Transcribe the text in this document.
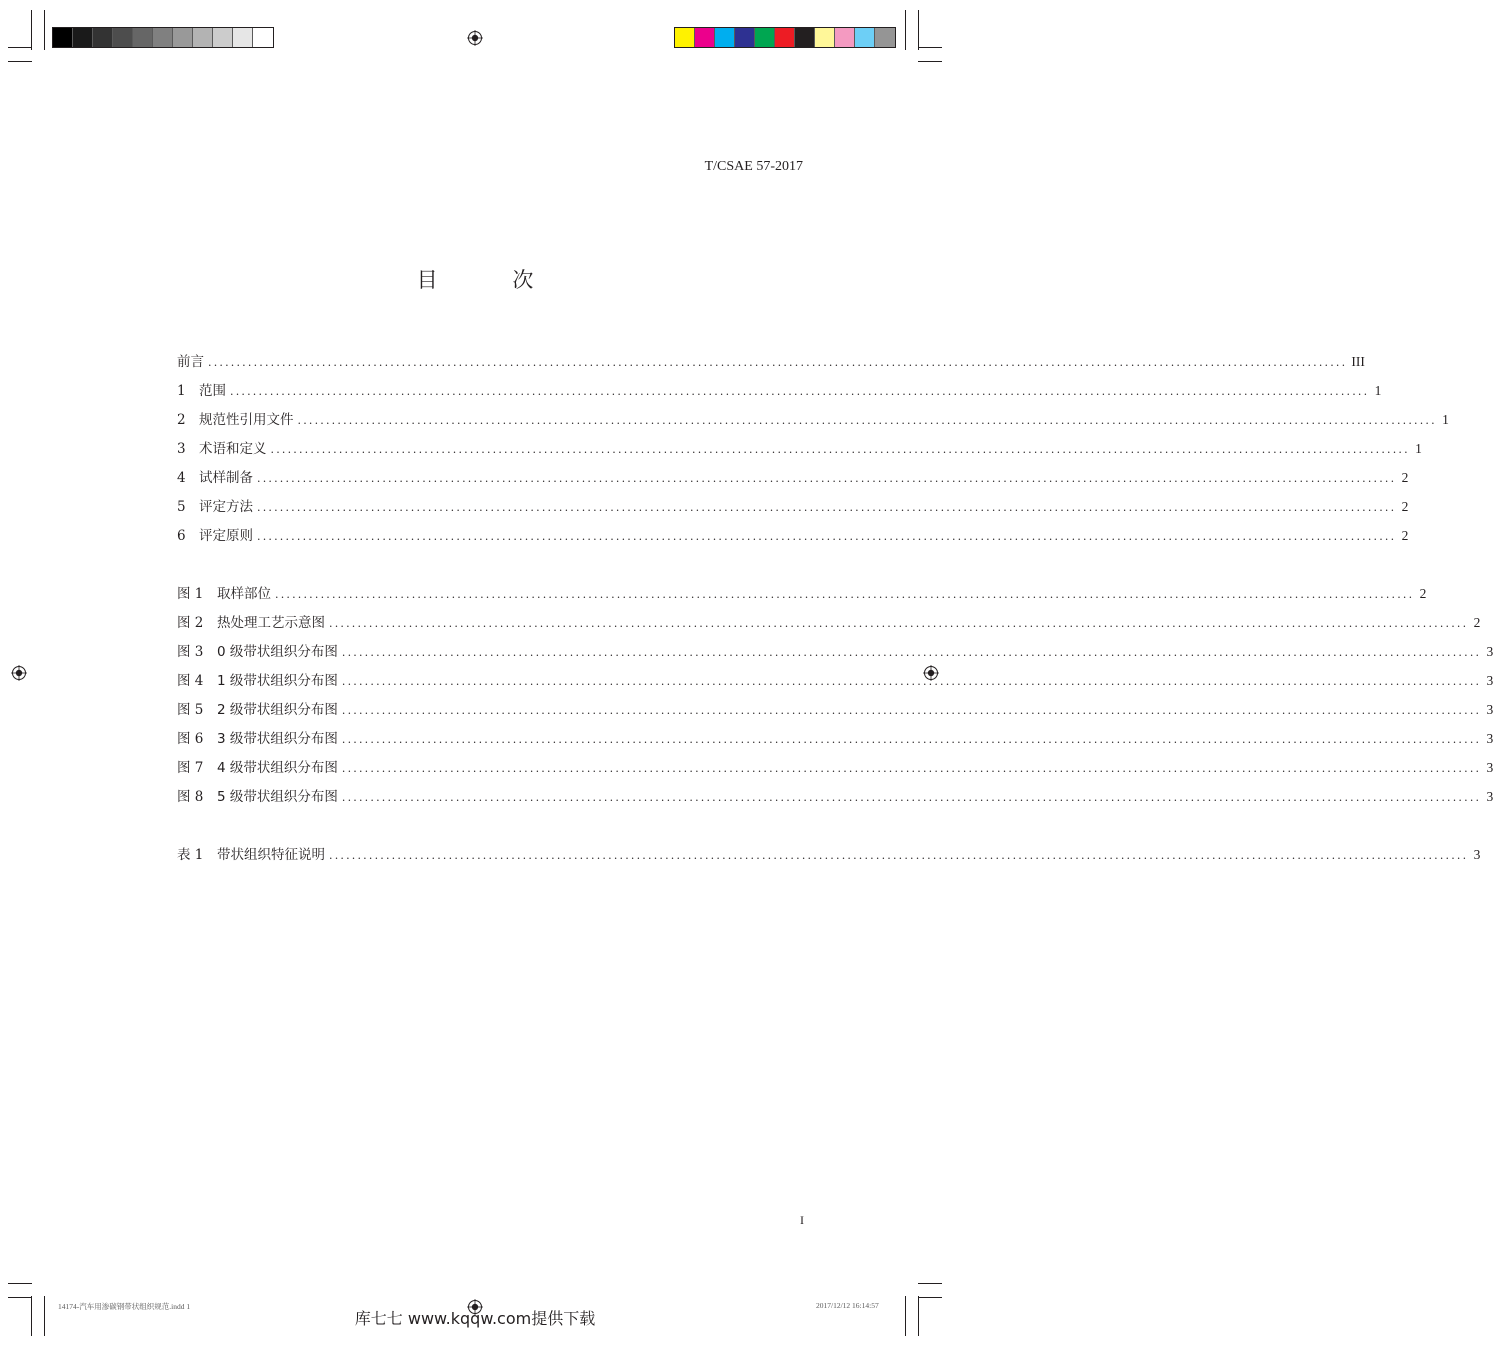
T/CSAE 57-2017
目 次
前言 ........................................................................................................................................................................................................ III
1 范围 ........................................................................................................................................................................................................ 1
2 规范性引用文件 ........................................................................................................................................................................................................ 1
3 术语和定义 ........................................................................................................................................................................................................ 1
4 试样制备 ........................................................................................................................................................................................................ 2
5 评定方法 ........................................................................................................................................................................................................ 2
6 评定原则 ........................................................................................................................................................................................................ 2
图 1	取样部位 ........................................................................................................................................................................................................ 2
图 2	热处理工艺示意图 ........................................................................................................................................................................................................ 2
图 3	0 级带状组织分布图 ........................................................................................................................................................................................................ 3
图 4	1 级带状组织分布图 ........................................................................................................................................................................................................ 3
图 5	2 级带状组织分布图 ........................................................................................................................................................................................................ 3
图 6	3 级带状组织分布图 ........................................................................................................................................................................................................ 3
图 7	4 级带状组织分布图 ........................................................................................................................................................................................................ 3
图 8	5 级带状组织分布图 ........................................................................................................................................................................................................ 3
表 1	带状组织特征说明 ........................................................................................................................................................................................................ 3
I
14174-汽车用渗碳钢带状组织规范.indd 1	2017/12/12 16:14:57
库七七 www.kqqw.com提供下载
